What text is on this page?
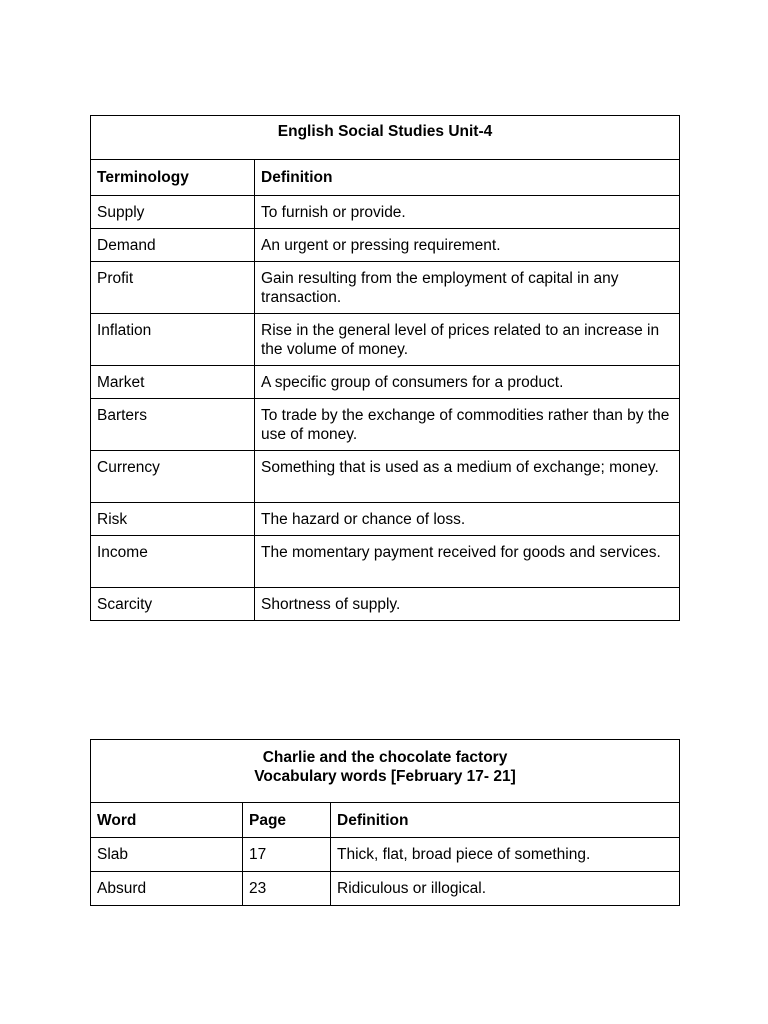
English Social Studies Unit-4	
Terminology	Definition
Supply	To furnish or provide.
Demand	An urgent or pressing requirement.
Profit	Gain resulting from the employment of capital in any transaction.
Inflation	Rise in the general level of prices related to an increase in the volume of money.
Market	A specific group of consumers for a product.
Barters	To trade by the exchange of commodities rather than by the use of money.
Currency	Something that is used as a medium of exchange; money.
Risk	The hazard or chance of loss.
Income	The momentary payment received for goods and services.
Scarcity	Shortness of supply.
Charlie and the chocolate factory
Vocabulary words [February 17- 21]		

Word	Page	Definition
Slab	17	Thick, flat, broad piece of something.
Absurd	23	Ridiculous or illogical.
